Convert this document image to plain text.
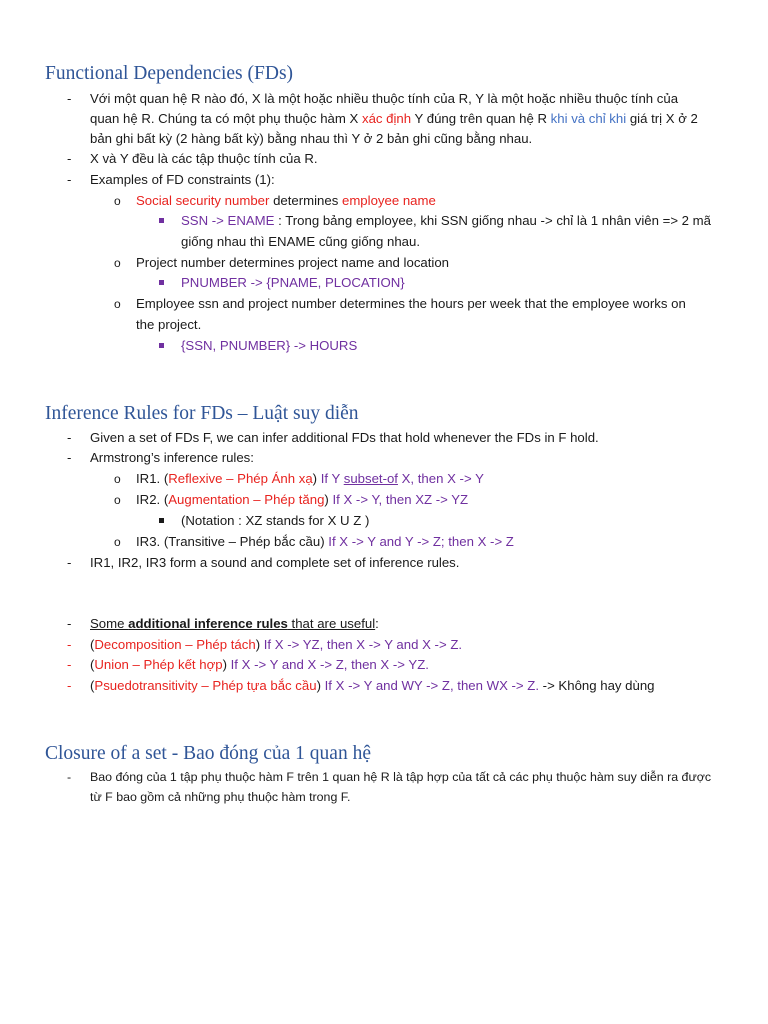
Functional Dependencies (FDs)
- Với một quan hệ R nào đó, X là một hoặc nhiều thuộc tính của R, Y là một hoặc nhiều thuộc tính của
quan hệ R. Chúng ta có một phụ thuộc hàm X xác định Y đúng trên quan hệ R khi và chỉ khi giá trị X ở 2
bản ghi bất kỳ (2 hàng bất kỳ) bằng nhau thì Y ở 2 bản ghi cũng bằng nhau.
- X và Y đều là các tập thuộc tính của R.
- Examples of FD constraints (1):
o Social security number determines employee name
SSN -> ENAME : Trong bảng employee, khi SSN giống nhau -> chỉ là 1 nhân viên => 2 mã
giống nhau thì ENAME cũng giống nhau.
o Project number determines project name and location
PNUMBER -> {PNAME, PLOCATION}
o Employee ssn and project number determines the hours per week that the employee works on
the project.
{SSN, PNUMBER} -> HOURS
Inference Rules for FDs – Luật suy diễn
- Given a set of FDs F, we can infer additional FDs that hold whenever the FDs in F hold.
- Armstrong’s inference rules:
o IR1. (Reflexive – Phép Ánh xạ) If Y subset-of X, then X -> Y
o IR2. (Augmentation – Phép tăng) If X -> Y, then XZ -> YZ
(Notation : XZ stands for X U Z )
o IR3. (Transitive – Phép bắc cầu) If X -> Y and Y -> Z; then X -> Z
- IR1, IR2, IR3 form a sound and complete set of inference rules.
- Some additional inference rules that are useful:
- (Decomposition – Phép tách) If X -> YZ, then X -> Y and X -> Z.
- (Union – Phép kết hợp) If X -> Y and X -> Z, then X -> YZ.
- (Psuedotransitivity – Phép tựa bắc cầu) If X -> Y and WY -> Z, then WX -> Z. -> Không hay dùng
Closure of a set - Bao đóng của 1 quan hệ
- Bao đóng của 1 tập phụ thuộc hàm F trên 1 quan hệ R là tập hợp của tất cả các phụ thuộc hàm suy diễn ra được
từ F bao gồm cả những phụ thuộc hàm trong F.
